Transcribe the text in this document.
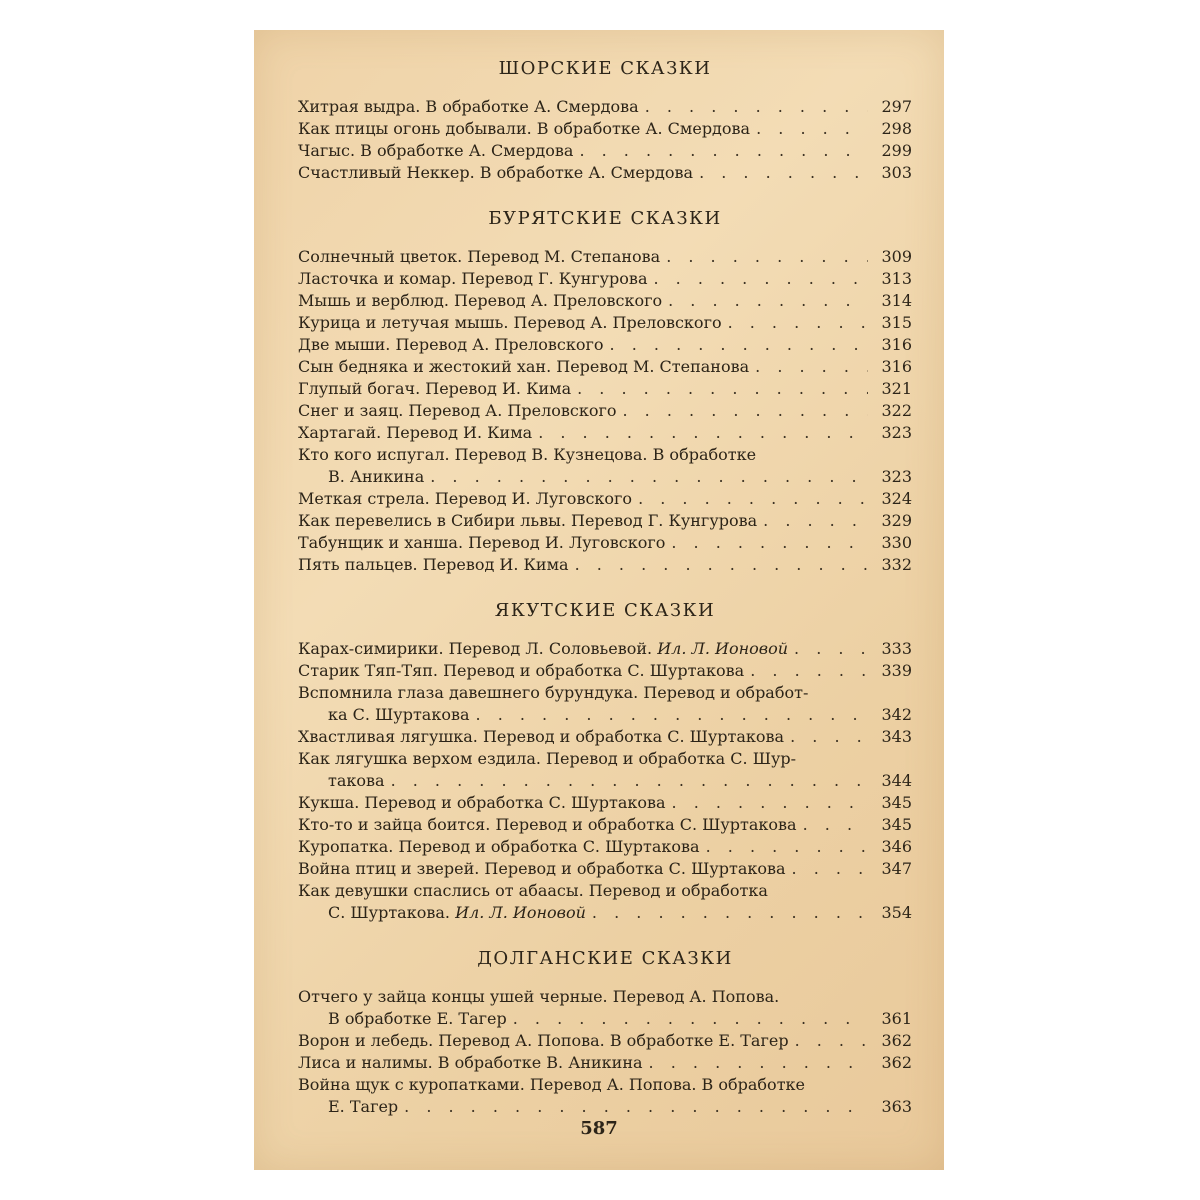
ШОРСКИЕ СКАЗКИ
Хитрая выдра. В обработке А. Смердова . . .	297
Как птицы огонь добывали. В обработке А. Смердова . . .	298
Чагыс. В обработке А. Смердова . . .	299
Счастливый Неккер. В обработке А. Смердова . . .	303
БУРЯТСКИЕ СКАЗКИ
Солнечный цветок. Перевод М. Степанова . . .	309
Ласточка и комар. Перевод Г. Кунгурова . . .	313
Мышь и верблюд. Перевод А. Преловского . . .	314
Курица и летучая мышь. Перевод А. Преловского . . .	315
Две мыши. Перевод А. Преловского . . .	316
Сын бедняка и жестокий хан. Перевод М. Степанова . . .	316
Глупый богач. Перевод И. Кима . . .	321
Снег и заяц. Перевод А. Преловского . . .	322
Хартагай. Перевод И. Кима . . .	323
Кто кого испугал. Перевод В. Кузнецова. В обработке
В. Аникина . . .	323
Меткая стрела. Перевод И. Луговского . . .	324
Как перевелись в Сибири львы. Перевод Г. Кунгурова . . .	329
Табунщик и ханша. Перевод И. Луговского . . .	330
Пять пальцев. Перевод И. Кима . . .	332
ЯКУТСКИЕ СКАЗКИ
Карах-симирики. Перевод Л. Соловьевой. Ил. Л. Ионовой . . .	333
Старик Тяп-Тяп. Перевод и обработка С. Шуртакова . . .	339
Вспомнила глаза давешнего бурундука. Перевод и обработ-
ка С. Шуртакова . . .	342
Хвастливая лягушка. Перевод и обработка С. Шуртакова . . .	343
Как лягушка верхом ездила. Перевод и обработка С. Шур-
такова . . .	344
Кукша. Перевод и обработка С. Шуртакова . . .	345
Кто-то и зайца боится. Перевод и обработка С. Шуртакова . . .	345
Куропатка. Перевод и обработка С. Шуртакова . . .	346
Война птиц и зверей. Перевод и обработка С. Шуртакова . . .	347
Как девушки спаслись от абаасы. Перевод и обработка
С. Шуртакова. Ил. Л. Ионовой . . .	354
ДОЛГАНСКИЕ СКАЗКИ
Отчего у зайца концы ушей черные. Перевод А. Попова.
В обработке Е. Тагер . . .	361
Ворон и лебедь. Перевод А. Попова. В обработке Е. Тагер . . .	362
Лиса и налимы. В обработке В. Аникина . . .	362
Война щук с куропатками. Перевод А. Попова. В обработке
Е. Тагер . . .	363
587
